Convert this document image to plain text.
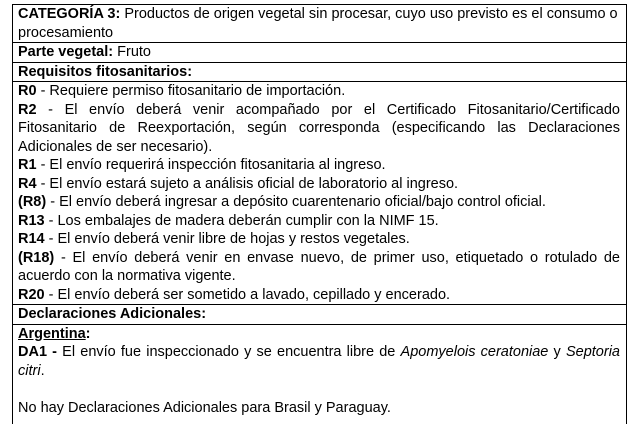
CATEGORÍA 3: Productos de origen vegetal sin procesar, cuyo uso previsto es el consumo o procesamiento
Parte vegetal: Fruto
Requisitos fitosanitarios:
R0 - Requiere permiso fitosanitario de importación.
R2 - El envío deberá venir acompañado por el Certificado Fitosanitario/Certificado Fitosanitario de Reexportación, según corresponda (especificando las Declaraciones Adicionales de ser necesario).
R1 - El envío requerirá inspección fitosanitaria al ingreso.
R4 - El envío estará sujeto a análisis oficial de laboratorio al ingreso.
(R8) - El envío deberá ingresar a depósito cuarentenario oficial/bajo control oficial.
R13 - Los embalajes de madera deberán cumplir con la NIMF 15.
R14 - El envío deberá venir libre de hojas y restos vegetales.
(R18) - El envío deberá venir en envase nuevo, de primer uso, etiquetado o rotulado de acuerdo con la normativa vigente.
R20 - El envío deberá ser sometido a lavado, cepillado y encerado.
Declaraciones Adicionales:
Argentina:
DA1 - El envío fue inspeccionado y se encuentra libre de Apomyelois ceratoniae y Septoria citri.
No hay Declaraciones Adicionales para Brasil y Paraguay.
